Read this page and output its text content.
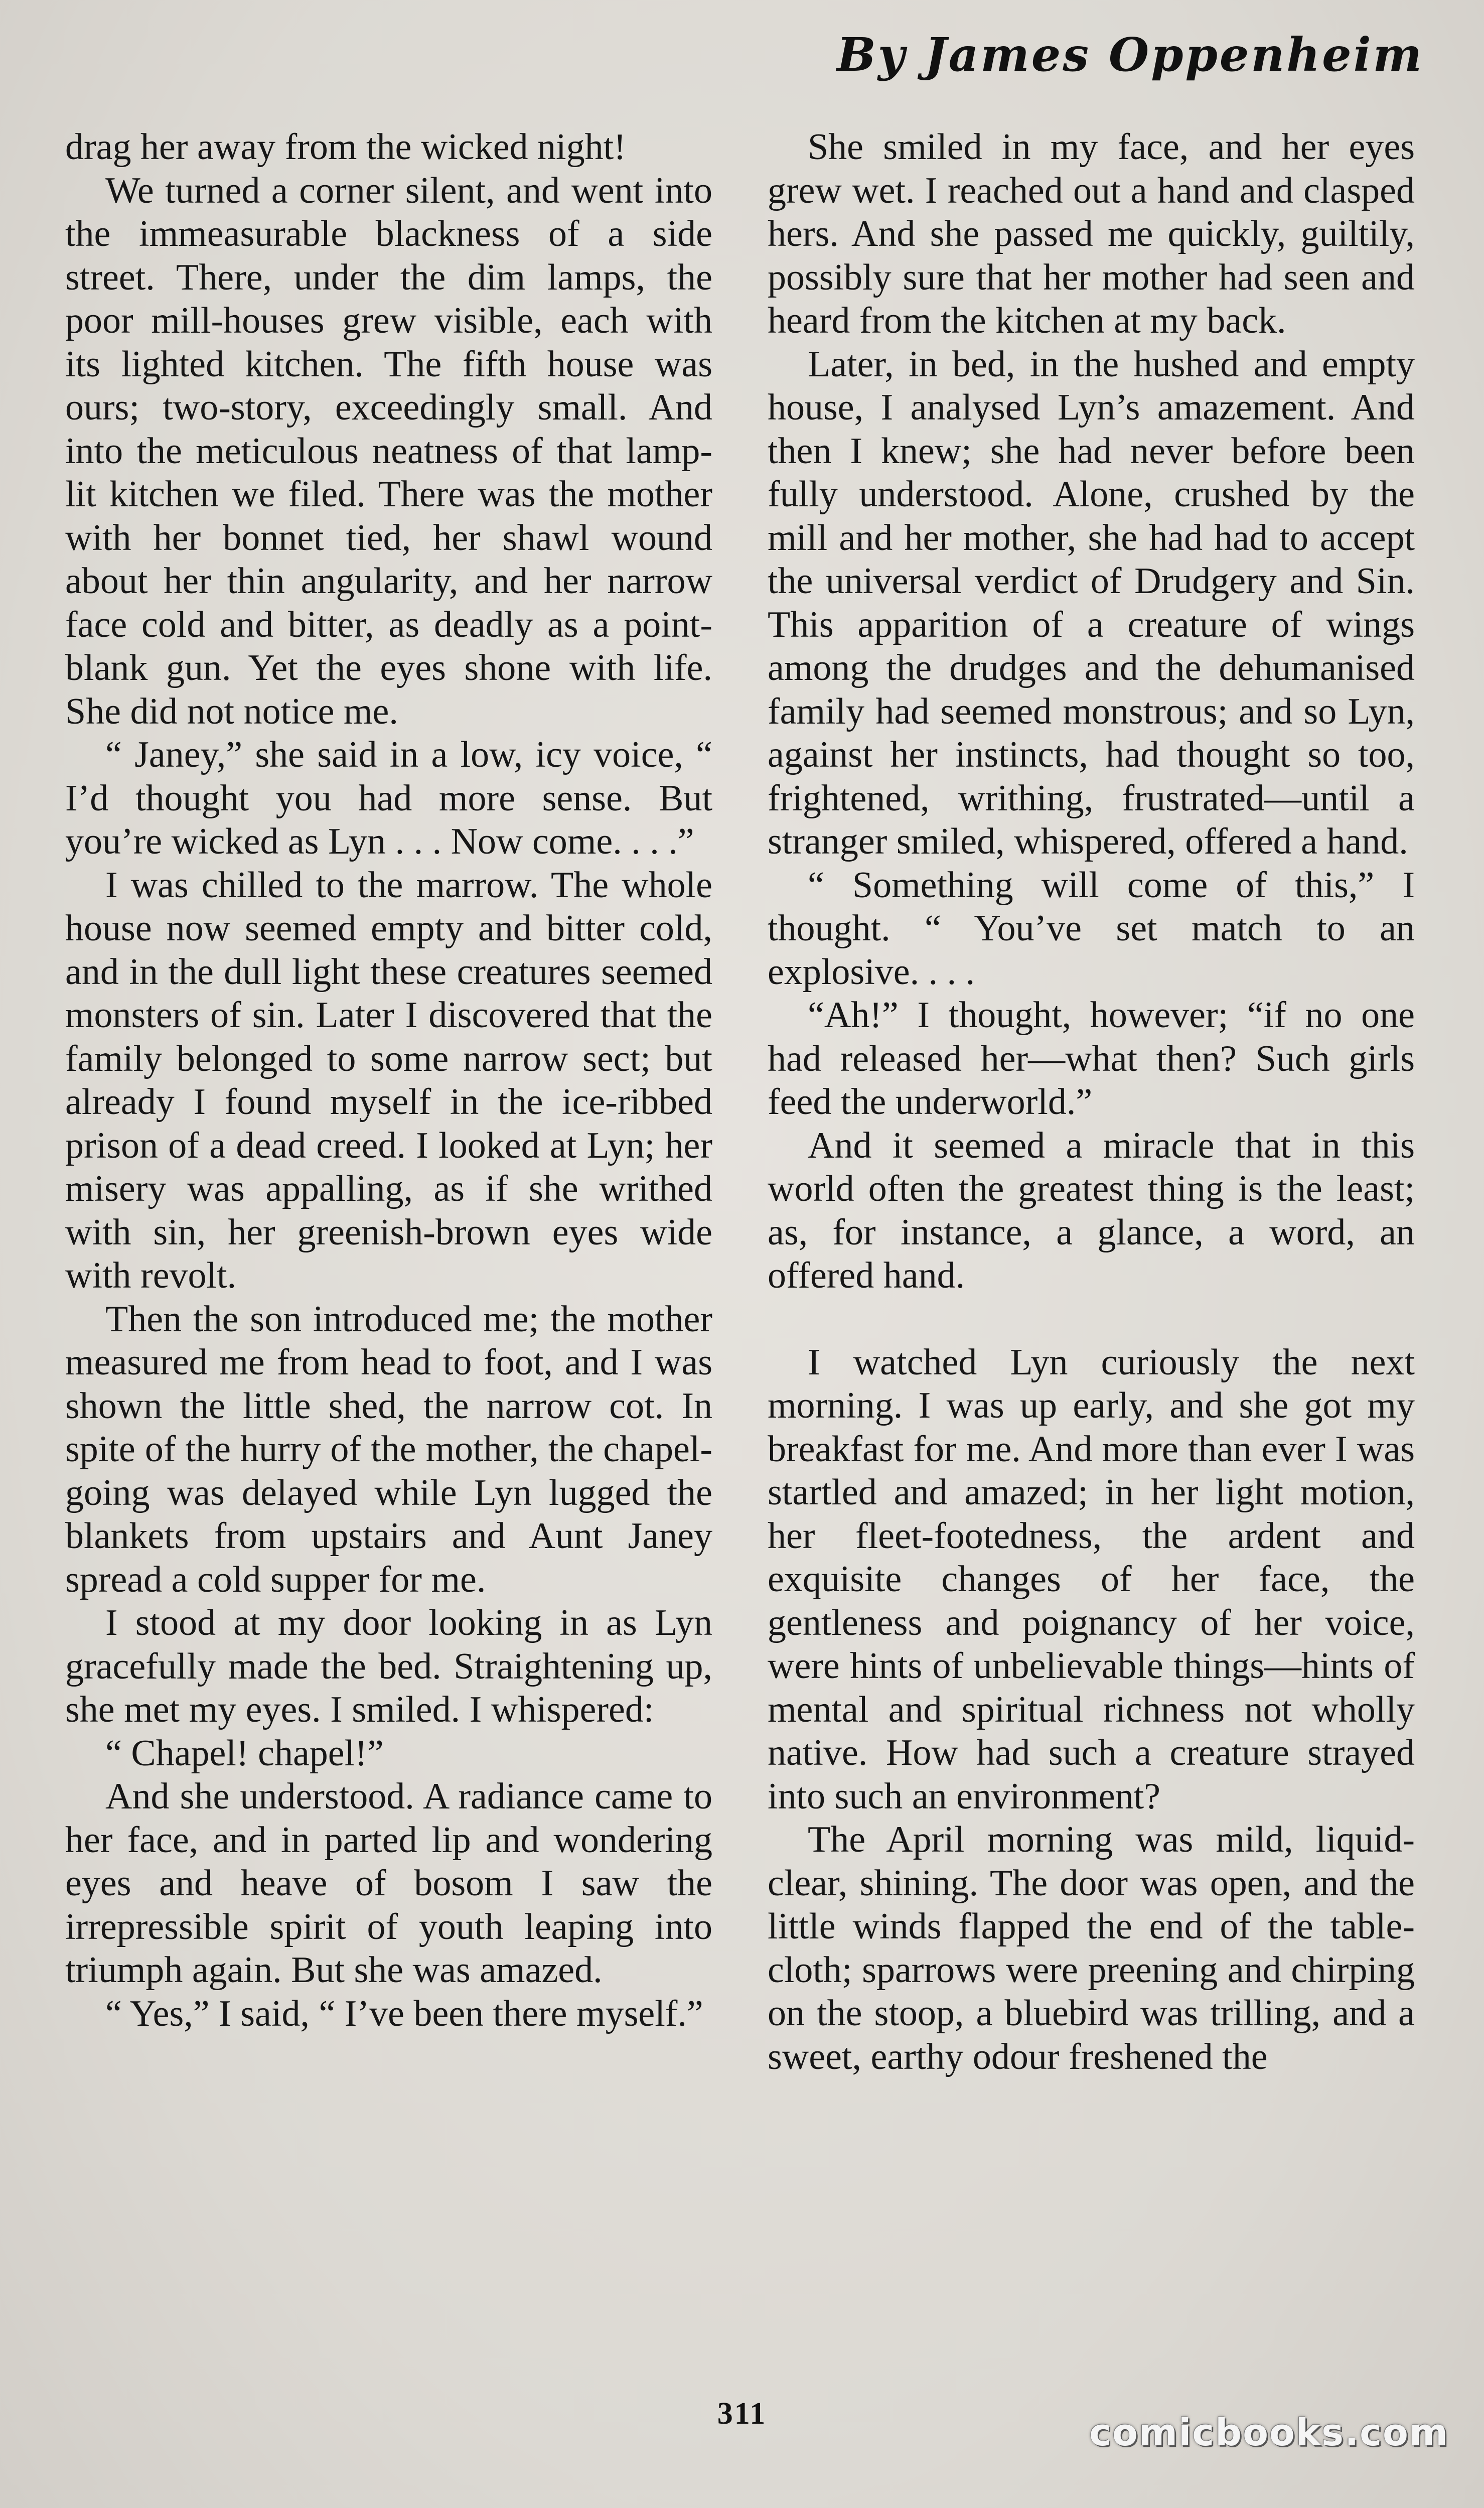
By James Oppenheim

drag her away from the wicked night!

We turned a corner silent, and went into the immeasurable blackness of a side street. There, under the dim lamps, the poor mill-houses grew visible, each with its lighted kitchen. The fifth house was ours; two-story, exceedingly small. And into the meticulous neatness of that lamp-lit kitchen we filed. There was the mother with her bonnet tied, her shawl wound about her thin angularity, and her narrow face cold and bitter, as deadly as a point-blank gun. Yet the eyes shone with life. She did not notice me.

“ Janey,” she said in a low, icy voice, “ I’d thought you had more sense. But you’re wicked as Lyn . . . Now come. . . .”

I was chilled to the marrow. The whole house now seemed empty and bitter cold, and in the dull light these creatures seemed monsters of sin. Later I discovered that the family belonged to some narrow sect; but already I found myself in the ice-ribbed prison of a dead creed. I looked at Lyn; her misery was appalling, as if she writhed with sin, her greenish-brown eyes wide with revolt.

Then the son introduced me; the mother measured me from head to foot, and I was shown the little shed, the narrow cot. In spite of the hurry of the mother, the chapel-going was delayed while Lyn lugged the blankets from upstairs and Aunt Janey spread a cold supper for me.

I stood at my door looking in as Lyn gracefully made the bed. Straightening up, she met my eyes. I smiled. I whispered:

“ Chapel! chapel!”

And she understood. A radiance came to her face, and in parted lip and wondering eyes and heave of bosom I saw the irrepressible spirit of youth leaping into triumph again. But she was amazed.

“ Yes,” I said, “ I’ve been there myself.”

She smiled in my face, and her eyes grew wet. I reached out a hand and clasped hers. And she passed me quickly, guiltily, possibly sure that her mother had seen and heard from the kitchen at my back.

Later, in bed, in the hushed and empty house, I analysed Lyn’s amazement. And then I knew; she had never before been fully understood. Alone, crushed by the mill and her mother, she had had to accept the universal verdict of Drudgery and Sin. This apparition of a creature of wings among the drudges and the dehumanised family had seemed monstrous; and so Lyn, against her instincts, had thought so too, frightened, writhing, frustrated—until a stranger smiled, whispered, offered a hand.

“ Something will come of this,” I thought. “ You’ve set match to an explosive. . . .

“Ah!” I thought, however; “if no one had released her—what then? Such girls feed the underworld.”

And it seemed a miracle that in this world often the greatest thing is the least; as, for instance, a glance, a word, an offered hand.

I watched Lyn curiously the next morning. I was up early, and she got my breakfast for me. And more than ever I was startled and amazed; in her light motion, her fleet-footedness, the ardent and exquisite changes of her face, the gentleness and poignancy of her voice, were hints of unbelievable things—hints of mental and spiritual richness not wholly native. How had such a creature strayed into such an environment?

The April morning was mild, liquid-clear, shining. The door was open, and the little winds flapped the end of the table-cloth; sparrows were preening and chirping on the stoop, a bluebird was trilling, and a sweet, earthy odour freshened the

311	comicbooks.com
